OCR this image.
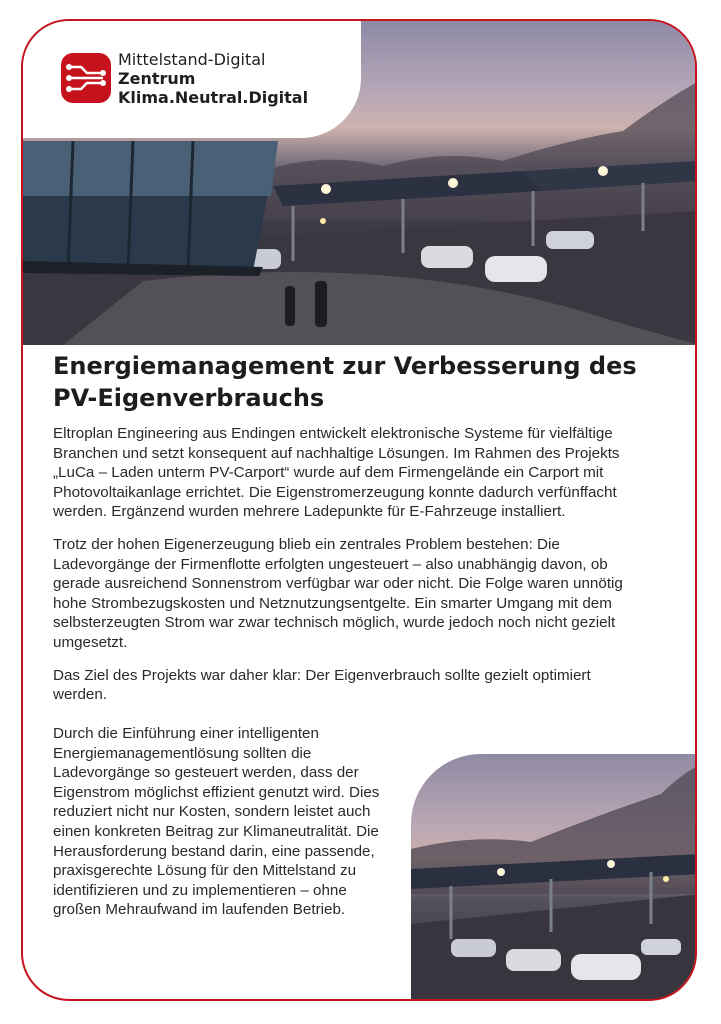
Mittelstand-Digital
Zentrum
Klima.Neutral.Digital
Energiemanagement zur Verbesserung des
PV-Eigenverbrauchs

Eltroplan Engineering aus Endingen entwickelt elektronische Systeme für vielfältige Branchen und setzt konsequent auf nachhaltige Lösungen. Im Rahmen des Projekts „LuCa – Laden unterm PV-Carport“ wurde auf dem Firmengelände ein Carport mit Photovoltaikanlage errichtet. Die Eigenstromerzeugung konnte dadurch verfünffacht werden. Ergänzend wurden mehrere Ladepunkte für E-Fahrzeuge installiert.

Trotz der hohen Eigenerzeugung blieb ein zentrales Problem bestehen: Die Ladevorgänge der Firmenflotte erfolgten ungesteuert – also unabhängig davon, ob gerade ausreichend Sonnenstrom verfügbar war oder nicht. Die Folge waren unnötig hohe Strombezugskosten und Netznutzungsentgelte. Ein smarter Umgang mit dem selbsterzeugten Strom war zwar technisch möglich, wurde jedoch noch nicht gezielt umgesetzt.

Das Ziel des Projekts war daher klar: Der Eigenverbrauch sollte gezielt optimiert werden.

Durch die Einführung einer intelligenten Energiemanagementlösung sollten die Ladevorgänge so gesteuert werden, dass der Eigenstrom möglichst effizient genutzt wird. Dies reduziert nicht nur Kosten, sondern leistet auch einen konkreten Beitrag zur Klimaneutralität. Die Herausforderung bestand darin, eine passende, praxisgerechte Lösung für den Mittelstand zu identifizieren und zu implementieren – ohne großen Mehraufwand im laufenden Betrieb.
